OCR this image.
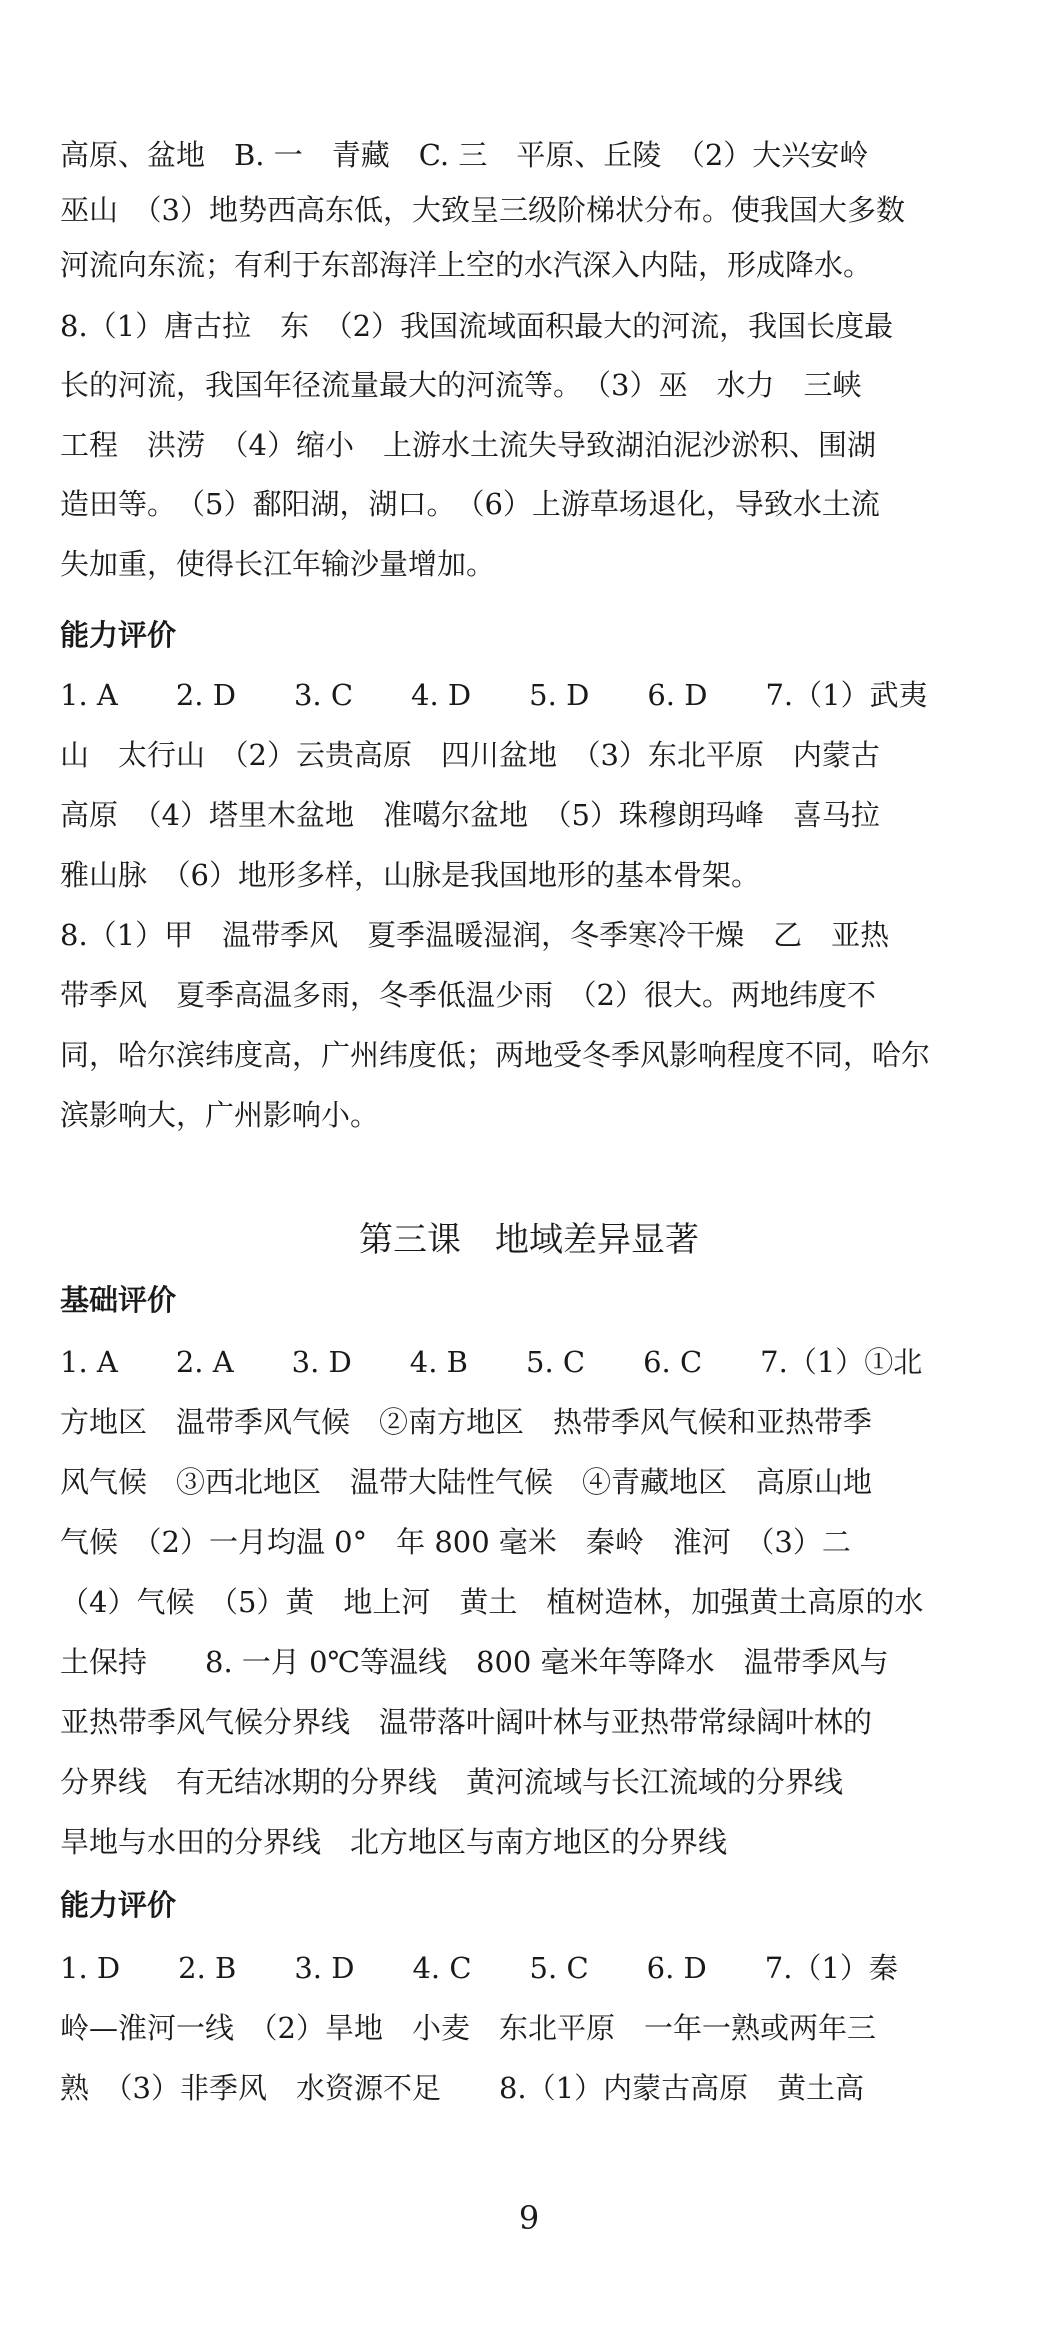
高原、盆地　B. 一　青藏　C. 三　平原、丘陵　（2）大兴安岭
巫山　（3）地势西高东低，大致呈三级阶梯状分布。使我国大多数
河流向东流；有利于东部海洋上空的水汽深入内陆，形成降水。
8.（1）唐古拉　东　（2）我国流域面积最大的河流，我国长度最
长的河流，我国年径流量最大的河流等。　（3）巫　水力　三峡
工程　洪涝　（4）缩小　上游水土流失导致湖泊泥沙淤积、围湖
造田等。　（5）鄱阳湖，湖口。　（6）上游草场退化，导致水土流
失加重，使得长江年输沙量增加。
能力评价
1. A　　2. D　　3. C　　4. D　　5. D　　6. D　　7.（1）武夷
山　太行山　（2）云贵高原　四川盆地　（3）东北平原　内蒙古
高原　（4）塔里木盆地　准噶尔盆地　（5）珠穆朗玛峰　喜马拉
雅山脉　（6）地形多样，山脉是我国地形的基本骨架。
8.（1）甲　温带季风　夏季温暖湿润，冬季寒冷干燥　乙　亚热
带季风　夏季高温多雨，冬季低温少雨　（2）很大。两地纬度不
同，哈尔滨纬度高，广州纬度低；两地受冬季风影响程度不同，哈尔
滨影响大，广州影响小。
第三课　地域差异显著
基础评价
1. A　　2. A　　3. D　　4. B　　5. C　　6. C　　7.（1）①北
方地区　温带季风气候　②南方地区　热带季风气候和亚热带季
风气候　③西北地区　温带大陆性气候　④青藏地区　高原山地
气候　（2）一月均温 0°　年 800 毫米　秦岭　淮河　（3）二
（4）气候　（5）黄　地上河　黄土　植树造林，加强黄土高原的水
土保持　　8. 一月 0℃等温线　800 毫米年等降水　温带季风与
亚热带季风气候分界线　温带落叶阔叶林与亚热带常绿阔叶林的
分界线　有无结冰期的分界线　黄河流域与长江流域的分界线
旱地与水田的分界线　北方地区与南方地区的分界线
能力评价
1. D　　2. B　　3. D　　4. C　　5. C　　6. D　　7.（1）秦
岭—淮河一线　（2）旱地　小麦　东北平原　一年一熟或两年三
熟　（3）非季风　水资源不足　　8.（1）内蒙古高原　黄土高
9
